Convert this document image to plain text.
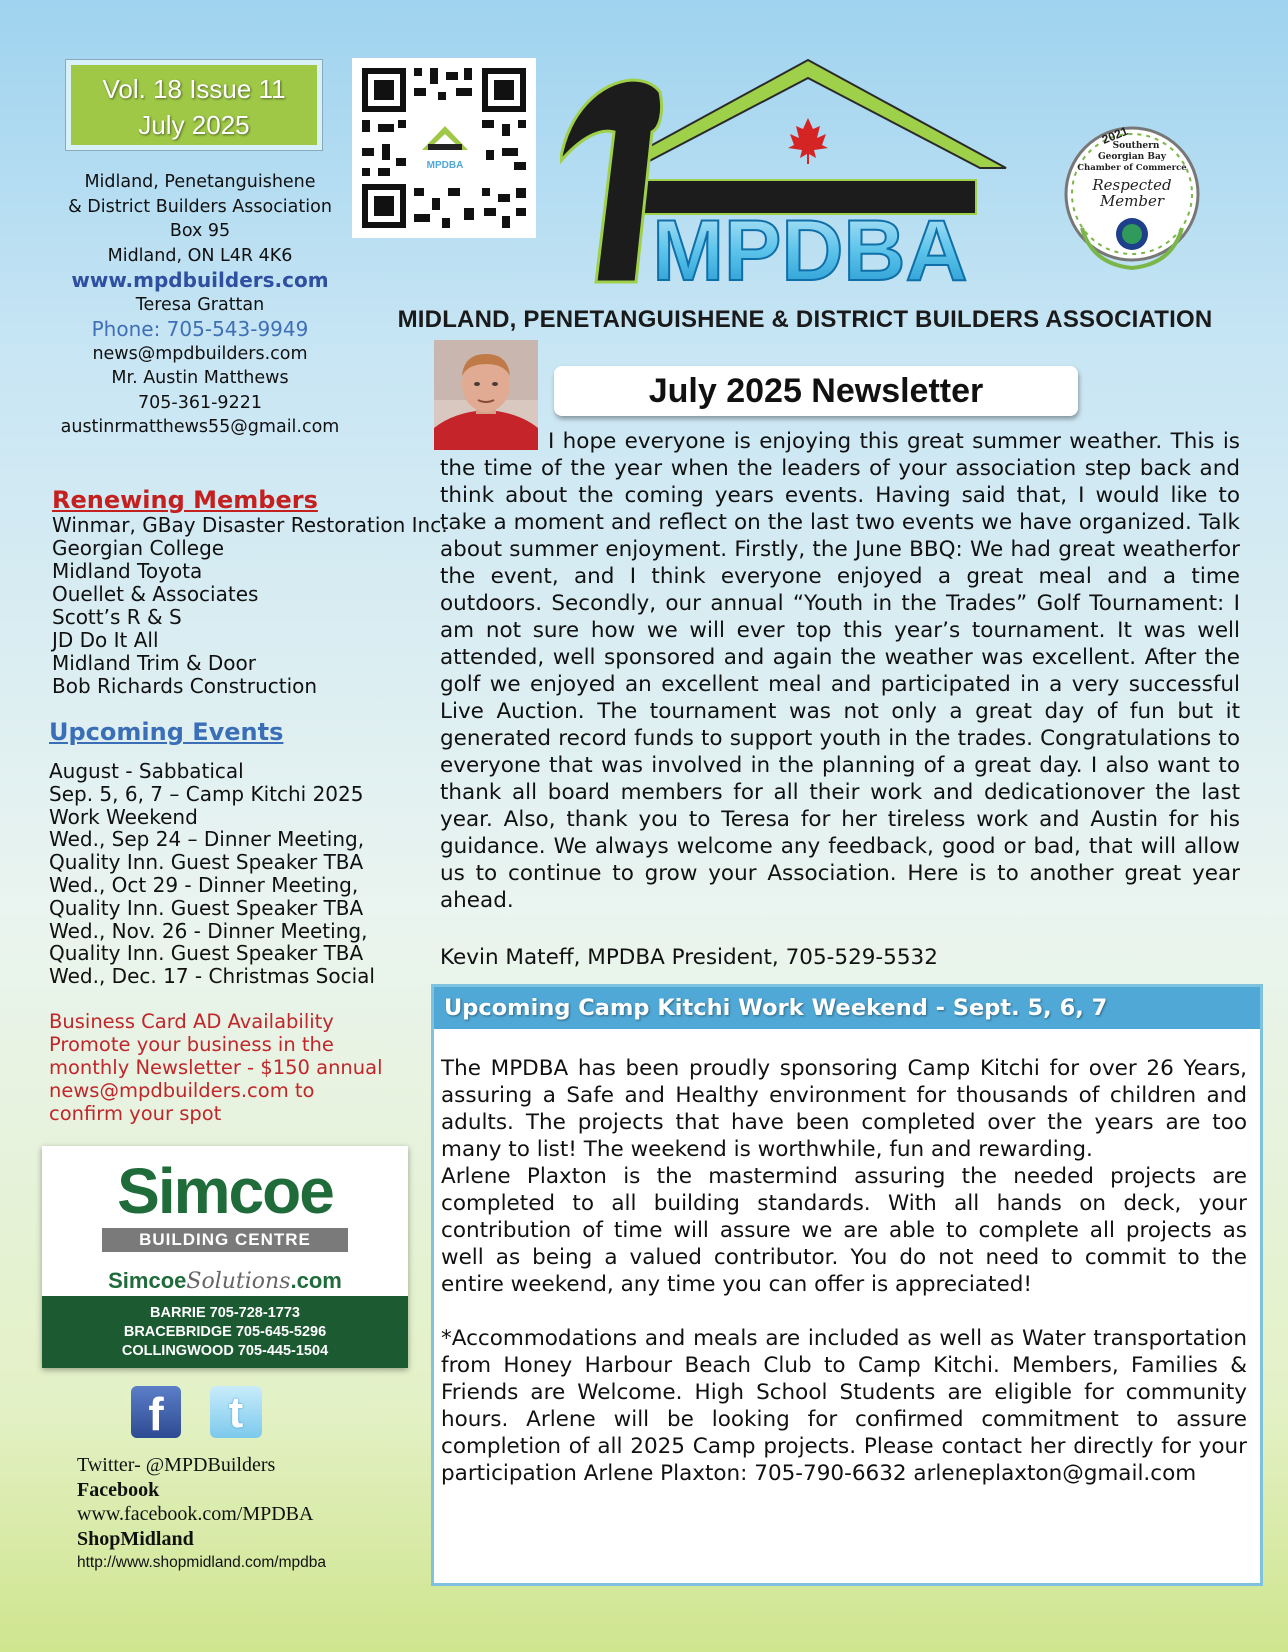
Vol. 18 Issue 11
July 2025
Midland, Penetanguishene
& District Builders Association
Box 95
Midland, ON L4R 4K6
www.mpdbuilders.com
Teresa Grattan
Phone: 705-543-9949
news@mpdbuilders.com
Mr. Austin Matthews
705-361-9221
austinrmatthews55@gmail.com
MPDBA
MPDBA
MIDLAND, PENETANGUISHENE & DISTRICT BUILDERS ASSOCIATION
2021
Southern
Georgian Bay
Chamber of Commerce
Respected
Member
Renewing Members
Winmar, GBay Disaster Restoration Inc.
Georgian College
Midland Toyota
Ouellet & Associates
Scott’s R & S
JD Do It All
Midland Trim & Door
Bob Richards Construction
Upcoming Events
August - Sabbatical
Sep. 5, 6, 7 – Camp Kitchi 2025
Work Weekend
Wed., Sep 24 – Dinner Meeting,
Quality Inn. Guest Speaker TBA
Wed., Oct 29 - Dinner Meeting,
Quality Inn. Guest Speaker TBA
Wed., Nov. 26 - Dinner Meeting,
Quality Inn. Guest Speaker TBA
Wed., Dec. 17 - Christmas Social
Business Card AD Availability
Promote your business in the
monthly Newsletter - $150 annual
news@mpdbuilders.com to
confirm your spot
Simcoe
BUILDING CENTRE
SimcoeSolutions.com
BARRIE 705-728-1773
BRACEBRIDGE 705-645-5296
COLLINGWOOD 705-445-1504
f	t
Twitter- @MPDBuilders
Facebook
www.facebook.com/MPDBA
ShopMidland
http://www.shopmidland.com/mpdba
July 2025 Newsletter
I hope everyone is enjoying this great summer weather. This is the time of the year when the leaders of your association step back and think about the coming years events. Having said that, I would like to take a moment and reflect on the last two events we have organized. Talk about summer enjoyment. Firstly, the June BBQ: We had great weatherfor the event, and I think everyone enjoyed a great meal and a time outdoors. Secondly, our annual “Youth in the Trades” Golf Tournament: I am not sure how we will ever top this year’s tournament. It was well attended, well sponsored and again the weather was excellent. After the golf we enjoyed an excellent meal and participated in a very successful Live Auction. The tournament was not only a great day of fun but it generated record funds to support youth in the trades. Congratulations to everyone that was involved in the planning of a great day. I also want to thank all board members for all their work and dedicationover the last year. Also, thank you to Teresa for her tireless work and Austin for his guidance. We always welcome any feedback, good or bad, that will allow us to continue to grow your Association. Here is to another great year ahead.
Kevin Mateff, MPDBA President, 705-529-5532
Upcoming Camp Kitchi Work Weekend - Sept. 5, 6, 7
The MPDBA has been proudly sponsoring Camp Kitchi for over 26 Years, assuring a Safe and Healthy environment for thousands of children and adults. The projects that have been completed over the years are too many to list! The weekend is worthwhile, fun and rewarding.
Arlene Plaxton is the mastermind assuring the needed projects are completed to all building standards. With all hands on deck, your contribution of time will assure we are able to complete all projects as well as being a valued contributor. You do not need to commit to the entire weekend, any time you can offer is appreciated!
*Accommodations and meals are included as well as Water transportation from Honey Harbour Beach Club to Camp Kitchi. Members, Families & Friends are Welcome. High School Students are eligible for community hours. Arlene will be looking for confirmed commitment to assure completion of all 2025 Camp projects. Please contact her directly for your participation Arlene Plaxton: 705-790-6632 arleneplaxton@gmail.com
